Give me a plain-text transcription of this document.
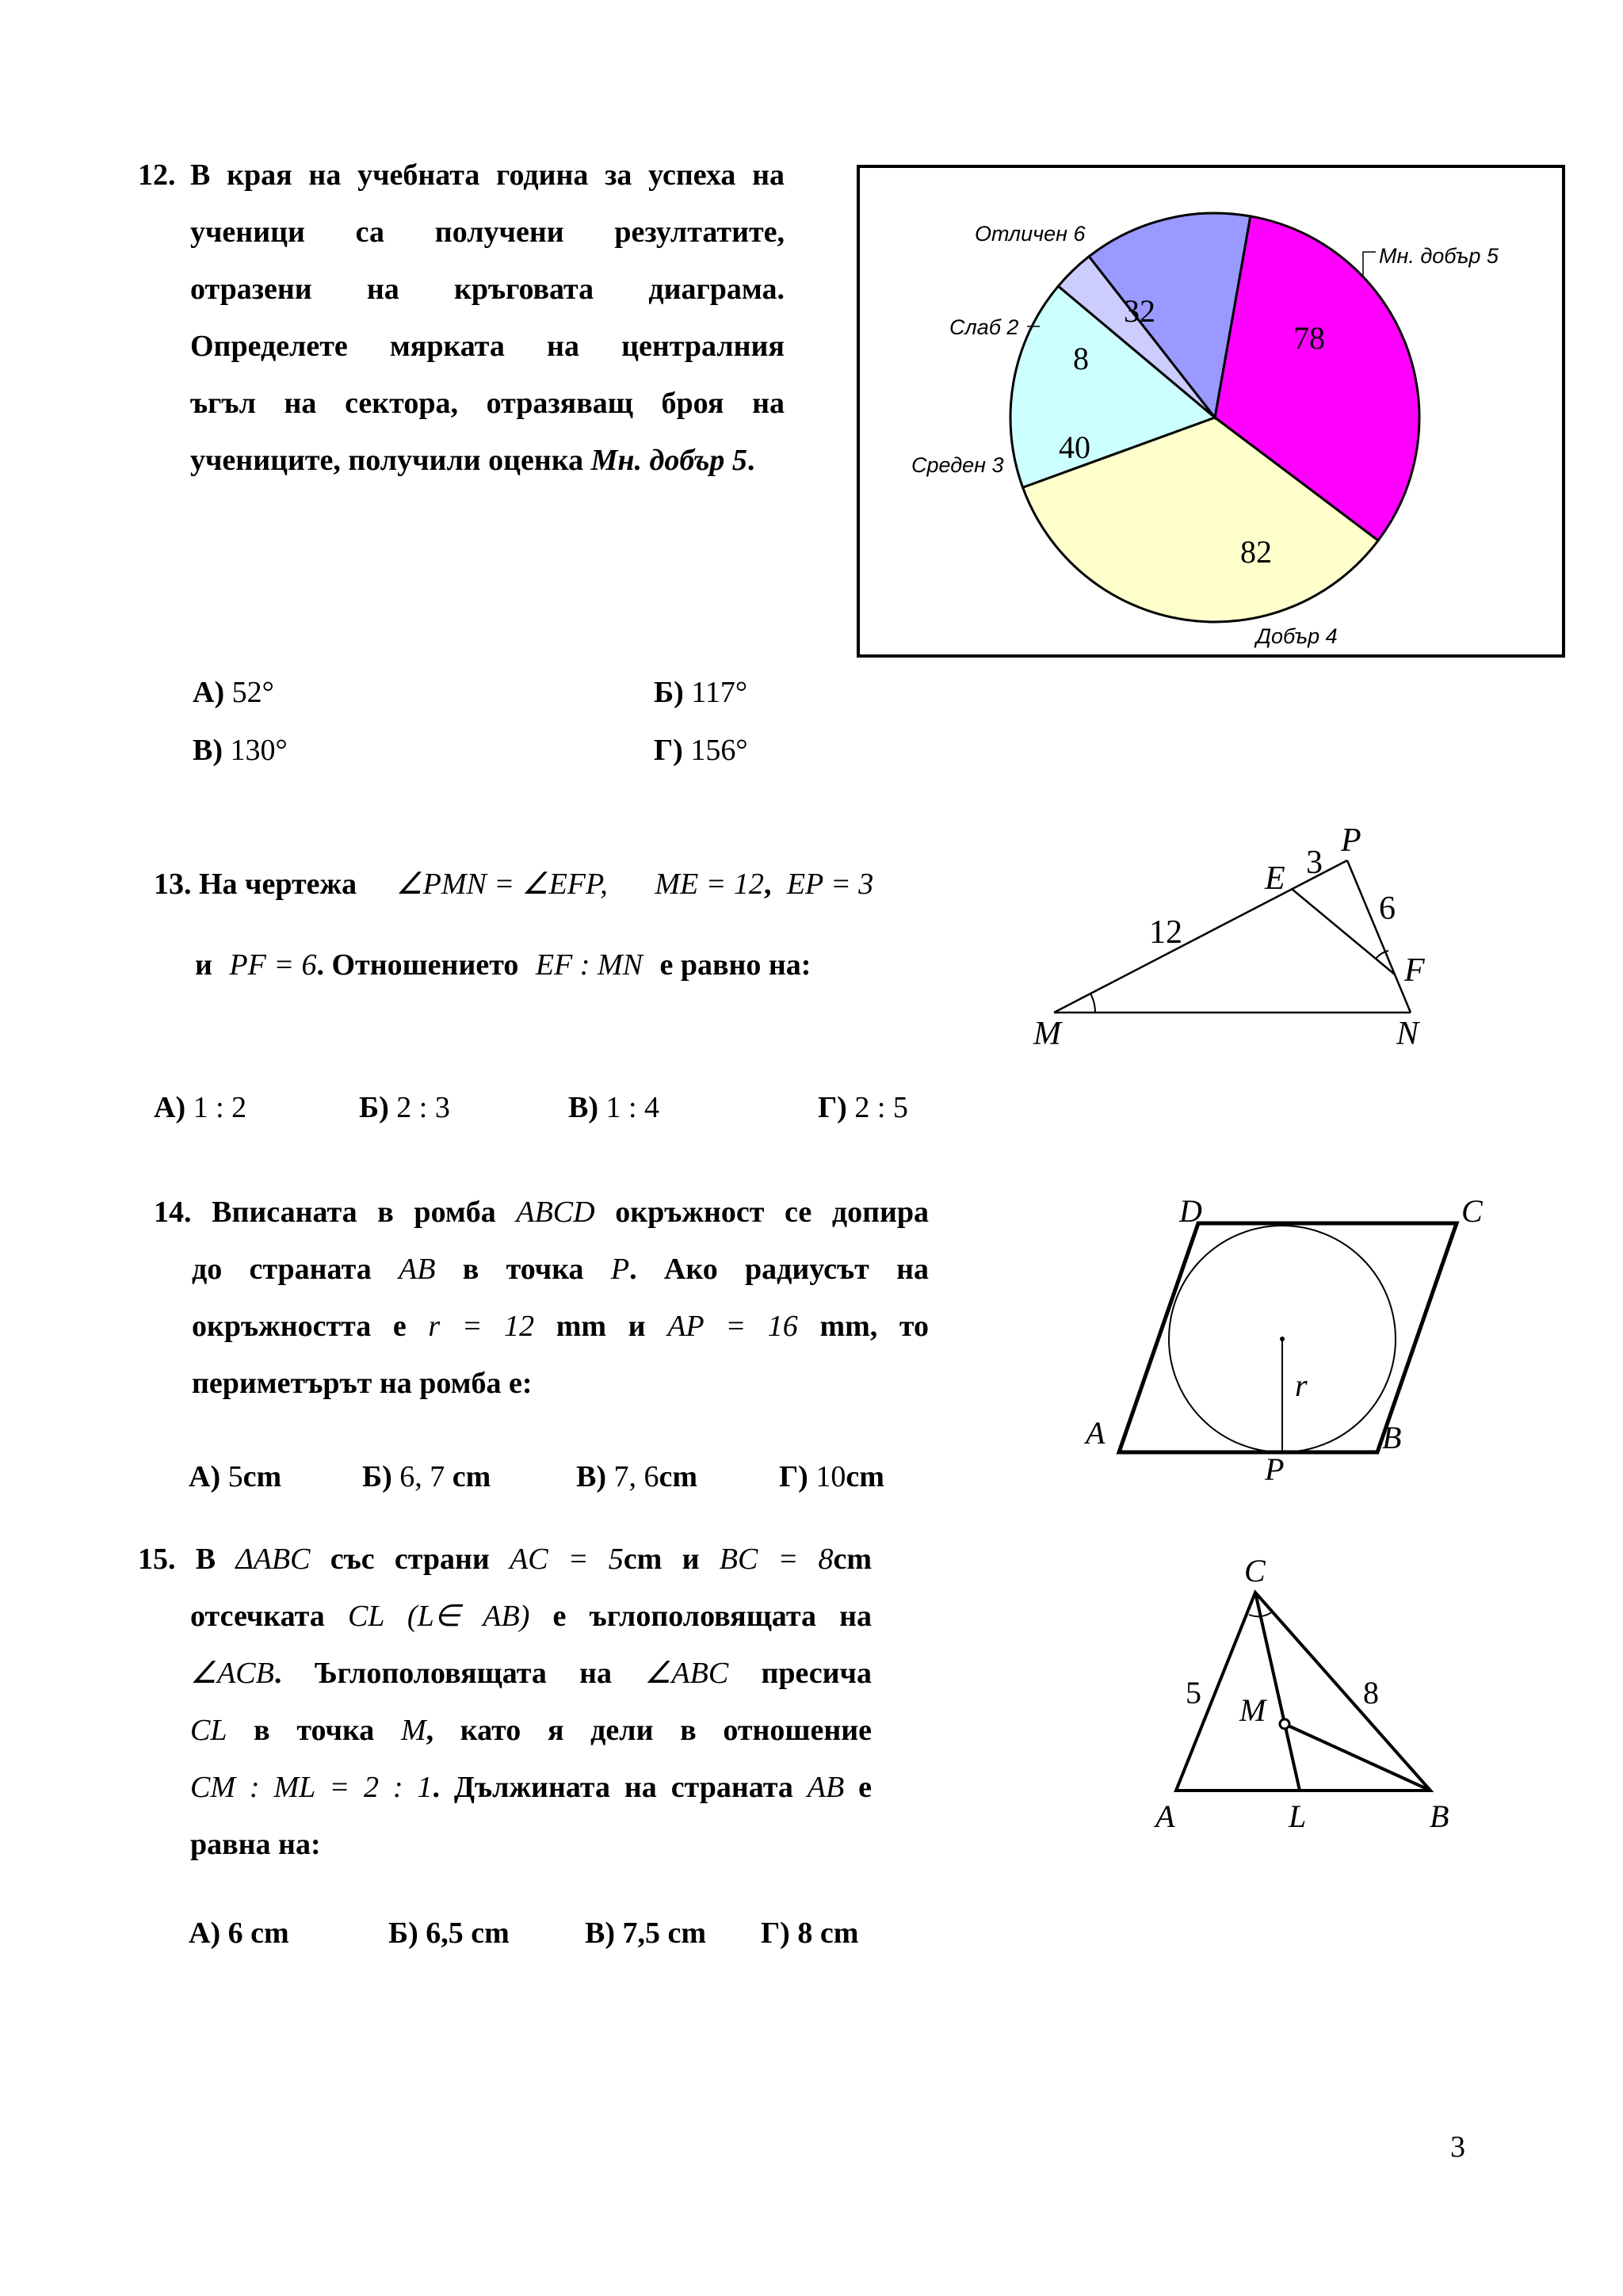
12. В края на учебната година за успеха на
ученици са получени резултатите,
отразени на кръговата диаграма.
Определете мярката на централния
ъгъл на сектора, отразяващ броя на
учениците, получили оценка Мн. добър 5.
Отличен 6
Мн. добър 5
Слаб 2
Среден 3
Добър 4
78
82
40
8
32
А) 52°	Б) 117°
В) 130°	Г) 156°
13. На чертежа ∠PMN = ∠EFP, ME = 12, EP = 3
и PF = 6. Отношението EF : MN е равно на:
P
E
F
M	N
3
6
12
А) 1 : 2	Б) 2 : 3	В) 1 : 4	Г) 2 : 5
14. Вписаната в ромба ABCD окръжност се допира
до страната AB в точка P. Ако радиусът на
окръжността е r = 12 mm и AP = 16 mm, то
периметърът на ромба е:
D	C
A	B
P
r
А) 5cm	Б) 6, 7 cm	В) 7, 6cm	Г) 10cm
15. В ΔABC със страни AC = 5cm и BC = 8cm
отсечката CL (L∈ AB) е ъглополовящата на
∠ACB. Ъглополовящата на ∠ABC пресича
CL в точка M, като я дели в отношение
CM : ML = 2 : 1. Дължината на страната AB е
равна на:
C
A	B
L
M
5	8
А) 6 cm	Б) 6,5 cm	В) 7,5 cm Г) 8 cm
3
